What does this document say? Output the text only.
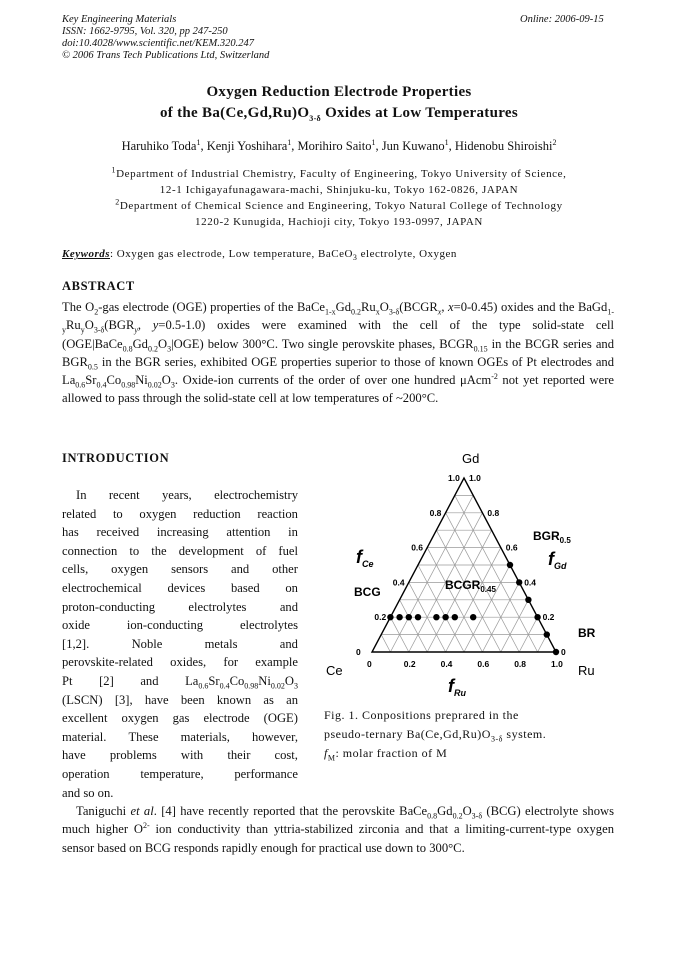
Key Engineering Materials
ISSN: 1662-9795, Vol. 320, pp 247-250
doi:10.4028/www.scientific.net/KEM.320.247
© 2006 Trans Tech Publications Ltd, Switzerland
Online: 2006-09-15
Oxygen Reduction Electrode Properties
of the $Ba(Ce,Gd,Ru)O_{3-\delta}$ Oxides at Low Temperatures
Haruhiko Toda$^1$, Kenji Yoshihara$^1$, Morihiro Saito$^1$, Jun Kuwano$^1$, Hidenobu Shiroishi$^2$
$^1$Department of Industrial Chemistry, Faculty of Engineering, Tokyo University of Science,
12-1 Ichigayafunagawara-machi, Shinjuku-ku, Tokyo 162-0826, JAPAN
$^2$Department of Chemical Science and Engineering, Tokyo Natural College of Technology
1220-2 Kunugida, Hachioji city, Tokyo 193-0997, JAPAN
Keywords: Oxygen gas electrode, Low temperature, BaCeO$_3$ electrolyte, Oxygen
ABSTRACT
The $O_2$-gas electrode (OGE) properties of the $BaCe_{1-x}Gd_{0.2}Ru_xO_{3-\delta}(BCGR_x$, x=0-0.45) oxides and the $BaGd_{1-y}Ru_yO_{3-\delta}(BGR_y$, y=0.5-1.0) oxides were examined with the cell of the type solid-state cell $(OGE|BaCe_{0.8}Gd_{0.2}O_3|OGE)$ below 300°C. Two single perovskite phases, $BCGR_{0.15}$ in the BCGR series and $BGR_{0.5}$ in the BGR series, exhibited OGE properties superior to those of known OGEs of Pt electrodes and $La_{0.6}Sr_{0.4}Co_{0.98}Ni_{0.02}O_3$. Oxide-ion currents of the order of over one hundred μAcm$^{-2}$ not yet reported were allowed to pass through the solid-state cell at low temperatures of ~200°C.
INTRODUCTION
In recent years, electrochemistry
related to oxygen reduction reaction
has received increasing attention in
connection to the development of fuel
cells, oxygen sensors and other
electrochemical devices based on
proton-conducting	electrolytes	and
oxide	ion-conducting	electrolytes
[1,2].	Noble	metals	and
perovskite-related oxides, for example
Pt [2] and $La_{0.6}Sr_{0.4}Co_{0.98}Ni_{0.02}O_3$
(LSCN) [3], have been known as an
excellent oxygen gas electrode (OGE)
material. These materials, however,
have problems with their cost,
operation temperature, performance
and so on.
Taniguchi et al. [4] have recently reported that the perovskite $BaCe_{0.8}Gd_{0.2}O_{3-\delta}$ (BCG) electrolyte shows much higher $O^{2-}$ ion conductivity than yttria-stabilized zirconia and that a limiting-current-type oxygen sensor based on BCG responds rapidly enough for practical use down to 300°C.
0
0	0
0.2
0.2	0.2
0.4
0.4	0.4
0.6
0.6	0.6
0.8
0.8	0.8
1.0
1.0 1.0
Gd
Ce	Ru
$f_{Ce}$	$f_{Gd}$
$f_{Ru}$
BCG	$BCGR_{0.45}$
$BGR_{0.5}$
BR
Fig. 1. Conpositions preprared in the
pseudo-ternary $Ba(Ce,Gd,Ru)O_{3-\delta}$ system.
$f_M$: molar fraction of M
